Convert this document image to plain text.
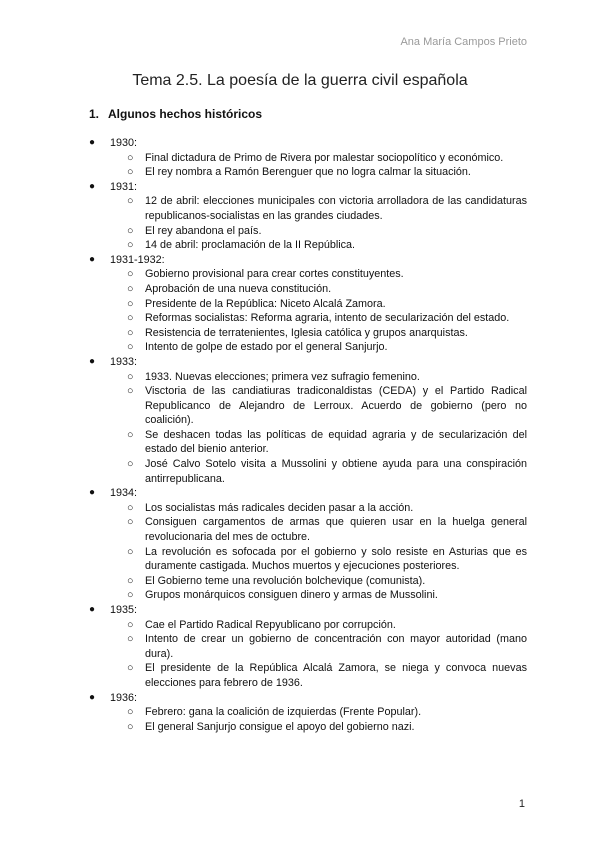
Ana María Campos Prieto
Tema 2.5. La poesía de la guerra civil española
1. Algunos hechos históricos

● 1930:

○ Final dictadura de Primo de Rivera por malestar sociopolítico y económico.
○ El rey nombra a Ramón Berenguer que no logra calmar la situación.

● 1931:

○ 12 de abril: elecciones municipales con victoria arrolladora de las candidaturas republicanos-socialistas en las grandes ciudades.
○ El rey abandona el país.
○ 14 de abril: proclamación de la II República.

● 1931-1932:

○ Gobierno provisional para crear cortes constituyentes.
○ Aprobación de una nueva constitución.
○ Presidente de la República: Niceto Alcalá Zamora.
○ Reformas socialistas: Reforma agraria, intento de secularización del estado.
○ Resistencia de terratenientes, Iglesia católica y grupos anarquistas.
○ Intento de golpe de estado por el general Sanjurjo.

● 1933:

○ 1933. Nuevas elecciones; primera vez sufragio femenino.
○ Visctoria de las candiatiuras tradiconaldistas (CEDA) y el Partido Radical Republicanco de Alejandro de Lerroux. Acuerdo de gobierno (pero no coalición).
○ Se deshacen todas las políticas de equidad agraria y de secularización del estado del bienio anterior.
○ José Calvo Sotelo visita a Mussolini y obtiene ayuda para una conspiración antirrepublicana.

● 1934:

○ Los socialistas más radicales deciden pasar a la acción.
○ Consiguen cargamentos de armas que quieren usar en la huelga general revolucionaria del mes de octubre.
○ La revolución es sofocada por el gobierno y solo resiste en Asturias que es duramente castigada. Muchos muertos y ejecuciones posteriores.
○ El Gobierno teme una revolución bolchevique (comunista).
○ Grupos monárquicos consiguen dinero y armas de Mussolini.

● 1935:

○ Cae el Partido Radical Repyublicano por corrupción.
○ Intento de crear un gobierno de concentración con mayor autoridad (mano dura).
○ El presidente de la República Alcalá Zamora, se niega y convoca nuevas elecciones para febrero de 1936.

● 1936:

○ Febrero: gana la coalición de izquierdas (Frente Popular).
○ El general Sanjurjo consigue el apoyo del gobierno nazi.
1
